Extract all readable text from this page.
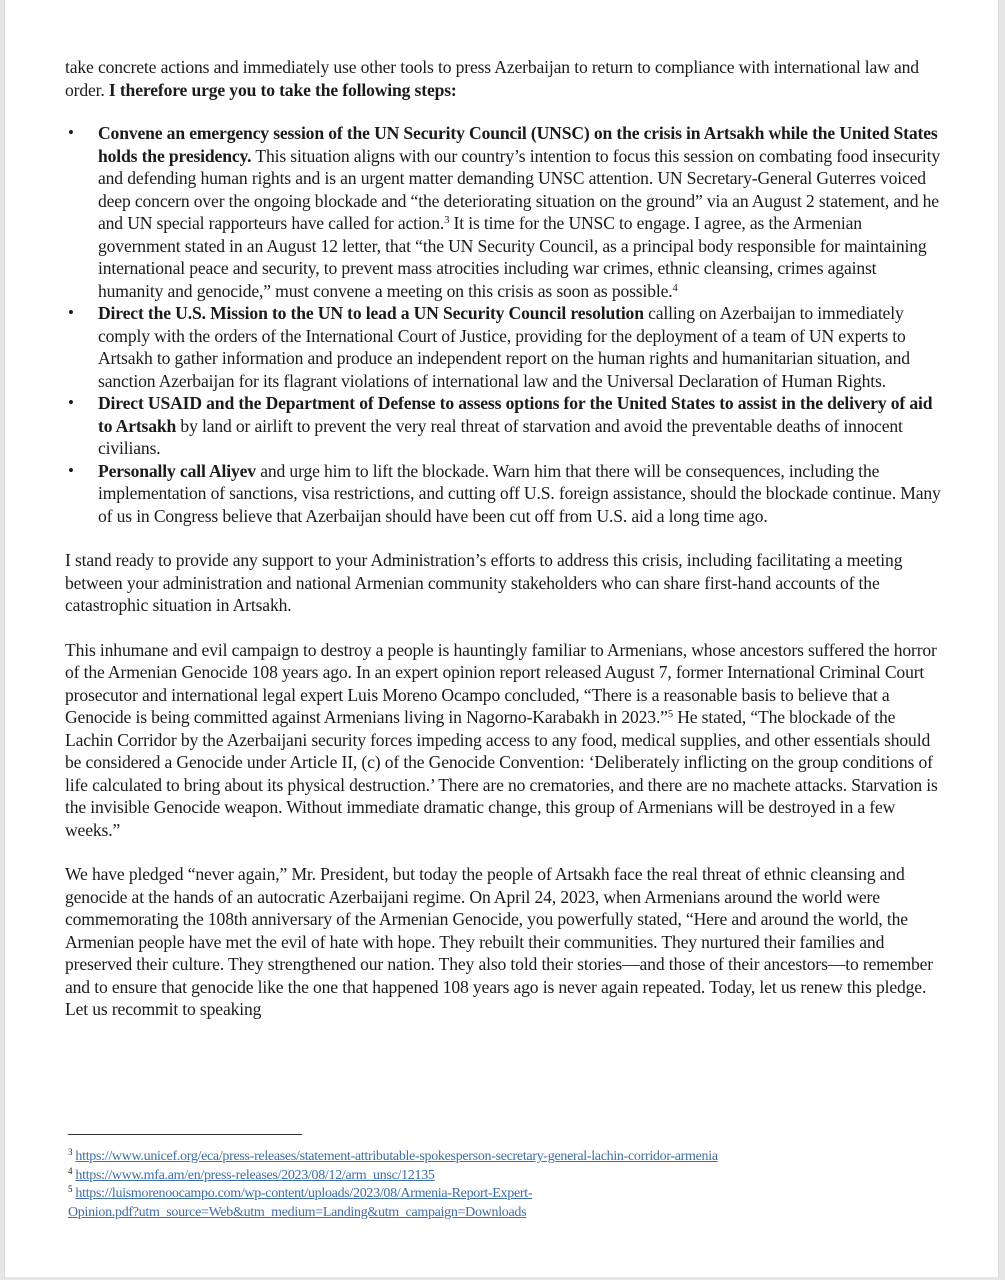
take concrete actions and immediately use other tools to press Azerbaijan to return to compliance with international law and order. I therefore urge you to take the following steps:

•	Convene an emergency session of the UN Security Council (UNSC) on the crisis in Artsakh while the United States holds the presidency. This situation aligns with our country’s intention to focus this session on combating food insecurity and defending human rights and is an urgent matter demanding UNSC attention. UN Secretary-General Guterres voiced deep concern over the ongoing blockade and “the deteriorating situation on the ground” via an August 2 statement, and he and UN special rapporteurs have called for action.$^3$ It is time for the UNSC to engage. I agree, as the Armenian government stated in an August 12 letter, that “the UN Security Council, as a principal body responsible for maintaining international peace and security, to prevent mass atrocities including war crimes, ethnic cleansing, crimes against humanity and genocide,” must convene a meeting on this crisis as soon as possible.$^4$
•	Direct the U.S. Mission to the UN to lead a UN Security Council resolution calling on Azerbaijan to immediately comply with the orders of the International Court of Justice, providing for the deployment of a team of UN experts to Artsakh to gather information and produce an independent report on the human rights and humanitarian situation, and sanction Azerbaijan for its flagrant violations of international law and the Universal Declaration of Human Rights.
•	Direct USAID and the Department of Defense to assess options for the United States to assist in the delivery of aid to Artsakh by land or airlift to prevent the very real threat of starvation and avoid the preventable deaths of innocent civilians.
•	Personally call Aliyev and urge him to lift the blockade. Warn him that there will be consequences, including the implementation of sanctions, visa restrictions, and cutting off U.S. foreign assistance, should the blockade continue. Many of us in Congress believe that Azerbaijan should have been cut off from U.S. aid a long time ago.

I stand ready to provide any support to your Administration’s efforts to address this crisis, including facilitating a meeting between your administration and national Armenian community stakeholders who can share first-hand accounts of the catastrophic situation in Artsakh.

This inhumane and evil campaign to destroy a people is hauntingly familiar to Armenians, whose ancestors suffered the horror of the Armenian Genocide 108 years ago. In an expert opinion report released August 7, former International Criminal Court prosecutor and international legal expert Luis Moreno Ocampo concluded, “There is a reasonable basis to believe that a Genocide is being committed against Armenians living in Nagorno-Karabakh in 2023.”$^5$ He stated, “The blockade of the Lachin Corridor by the Azerbaijani security forces impeding access to any food, medical supplies, and other essentials should be considered a Genocide under Article II, (c) of the Genocide Convention: ‘Deliberately inflicting on the group conditions of life calculated to bring about its physical destruction.’ There are no crematories, and there are no machete attacks. Starvation is the invisible Genocide weapon. Without immediate dramatic change, this group of Armenians will be destroyed in a few weeks.”

We have pledged “never again,” Mr. President, but today the people of Artsakh face the real threat of ethnic cleansing and genocide at the hands of an autocratic Azerbaijani regime. On April 24, 2023, when Armenians around the world were commemorating the 108th anniversary of the Armenian Genocide, you powerfully stated, “Here and around the world, the Armenian people have met the evil of hate with hope. They rebuilt their communities. They nurtured their families and preserved their culture. They strengthened our nation. They also told their stories—and those of their ancestors—to remember and to ensure that genocide like the one that happened 108 years ago is never again repeated. Today, let us renew this pledge. Let us recommit to speaking

$^3$ https://www.unicef.org/eca/press-releases/statement-attributable-spokesperson-secretary-general-lachin-corridor-armenia
$^4$ https://www.mfa.am/en/press-releases/2023/08/12/arm_unsc/12135
$^5$ https://luismorenoocampo.com/wp-content/uploads/2023/08/Armenia-Report-Expert-
Opinion.pdf?utm_source=Web&utm_medium=Landing&utm_campaign=Downloads
